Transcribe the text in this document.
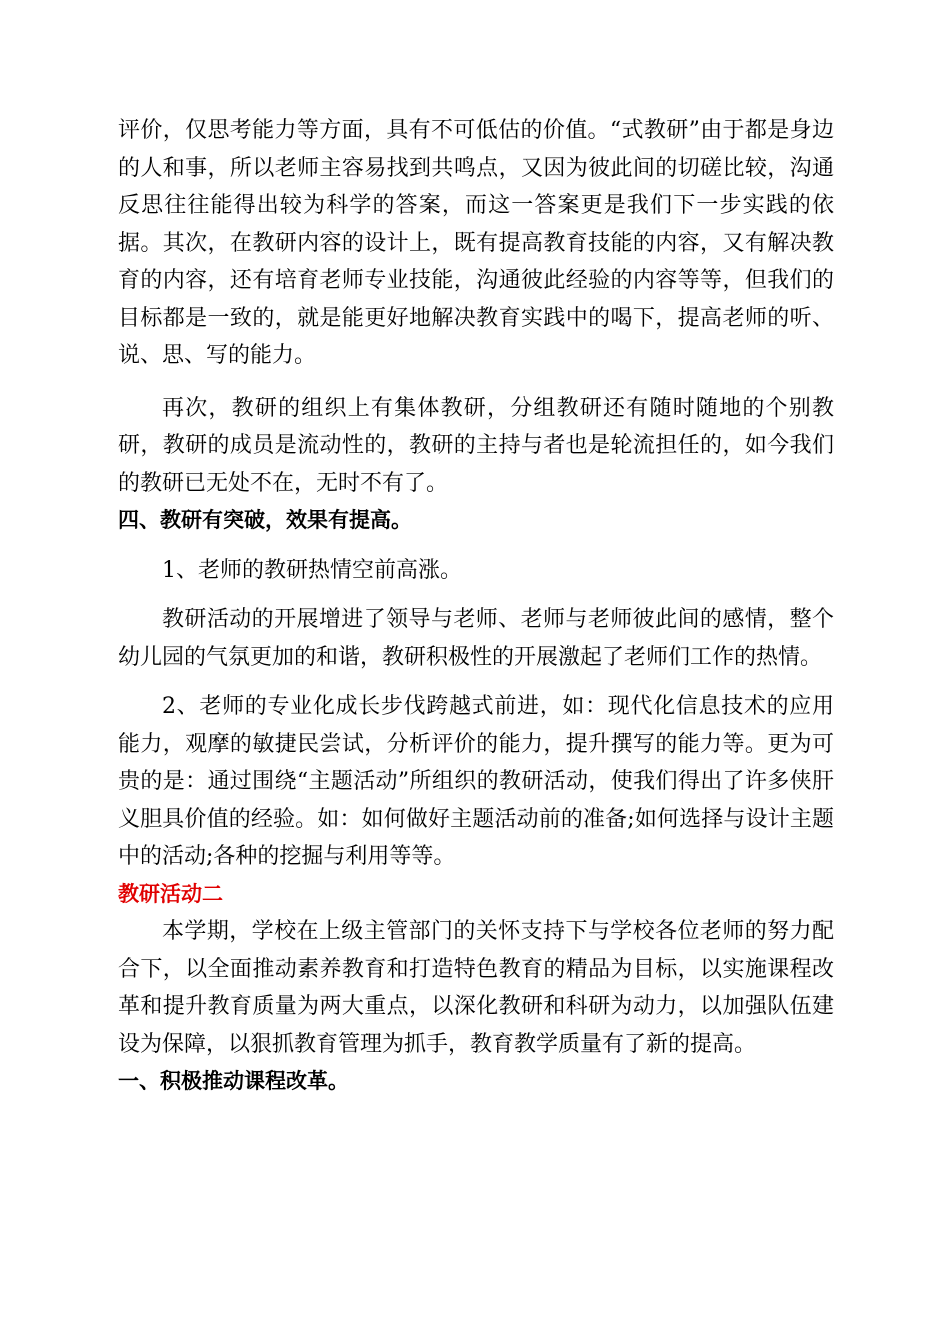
评价，仅思考能力等方面，具有不可低估的价值。“式教研”由于都是身边的人和事，所以老师主容易找到共鸣点，又因为彼此间的切磋比较，沟通反思往往能得出较为科学的答案，而这一答案更是我们下一步实践的依据。其次，在教研内容的设计上，既有提高教育技能的内容，又有解决教育的内容，还有培育老师专业技能，沟通彼此经验的内容等等，但我们的目标都是一致的，就是能更好地解决教育实践中的喝下，提高老师的听、说、思、写的能力。

再次，教研的组织上有集体教研，分组教研还有随时随地的个别教研，教研的成员是流动性的，教研的主持与者也是轮流担任的，如今我们的教研已无处不在，无时不有了。

四、教研有突破，效果有提高。

1、老师的教研热情空前高涨。

教研活动的开展增进了领导与老师、老师与老师彼此间的感情，整个幼儿园的气氛更加的和谐，教研积极性的开展激起了老师们工作的热情。

2、老师的专业化成长步伐跨越式前进，如：现代化信息技术的应用能力，观摩的敏捷民尝试，分析评价的能力，提升撰写的能力等。更为可贵的是：通过围绕“主题活动”所组织的教研活动，使我们得出了许多侠肝义胆具价值的经验。如：如何做好主题活动前的准备;如何选择与设计主题中的活动;各种的挖掘与利用等等。

教研活动二

本学期，学校在上级主管部门的关怀支持下与学校各位老师的努力配合下，以全面推动素养教育和打造特色教育的精品为目标，以实施课程改革和提升教育质量为两大重点，以深化教研和科研为动力，以加强队伍建设为保障，以狠抓教育管理为抓手，教育教学质量有了新的提高。

一、积极推动课程改革。
